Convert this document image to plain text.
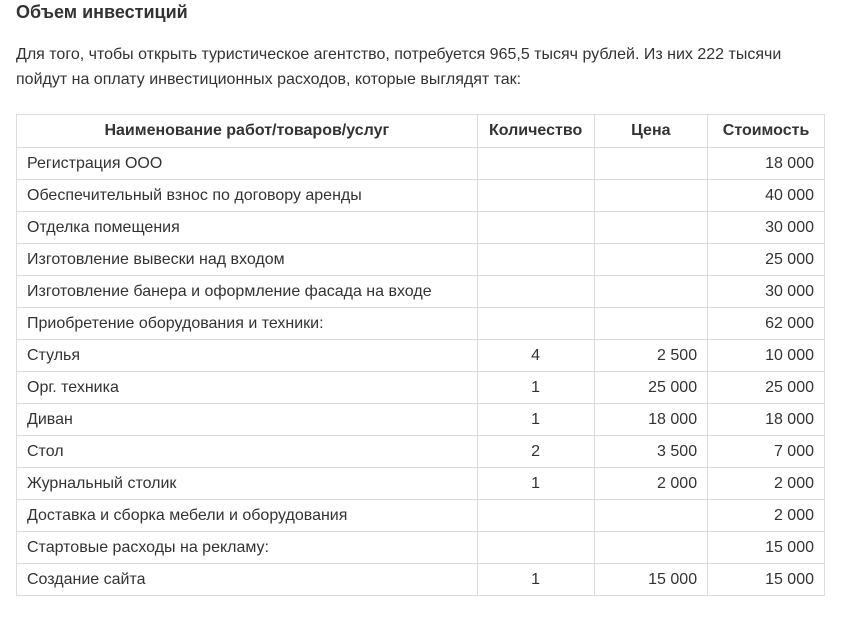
Объем инвестиций

Для того, чтобы открыть туристическое агентство, потребуется 965,5 тысяч рублей. Из них 222 тысячи пойдут на оплату инвестиционных расходов, которые выглядят так:

Наименование работ/товаров/услуг	Количество	Цена	Стоимость
Регистрация ООО			18 000
Обеспечительный взнос по договору аренды			40 000
Отделка помещения			30 000
Изготовление вывески над входом			25 000
Изготовление банера и оформление фасада на входе			30 000
Приобретение оборудования и техники:			62 000
Стулья	4	2 500	10 000
Орг. техника	1	25 000	25 000
Диван	1	18 000	18 000
Стол	2	3 500	7 000
Журнальный столик	1	2 000	2 000
Доставка и сборка мебели и оборудования			2 000
Стартовые расходы на рекламу:			15 000
Создание сайта	1	15 000	15 000
